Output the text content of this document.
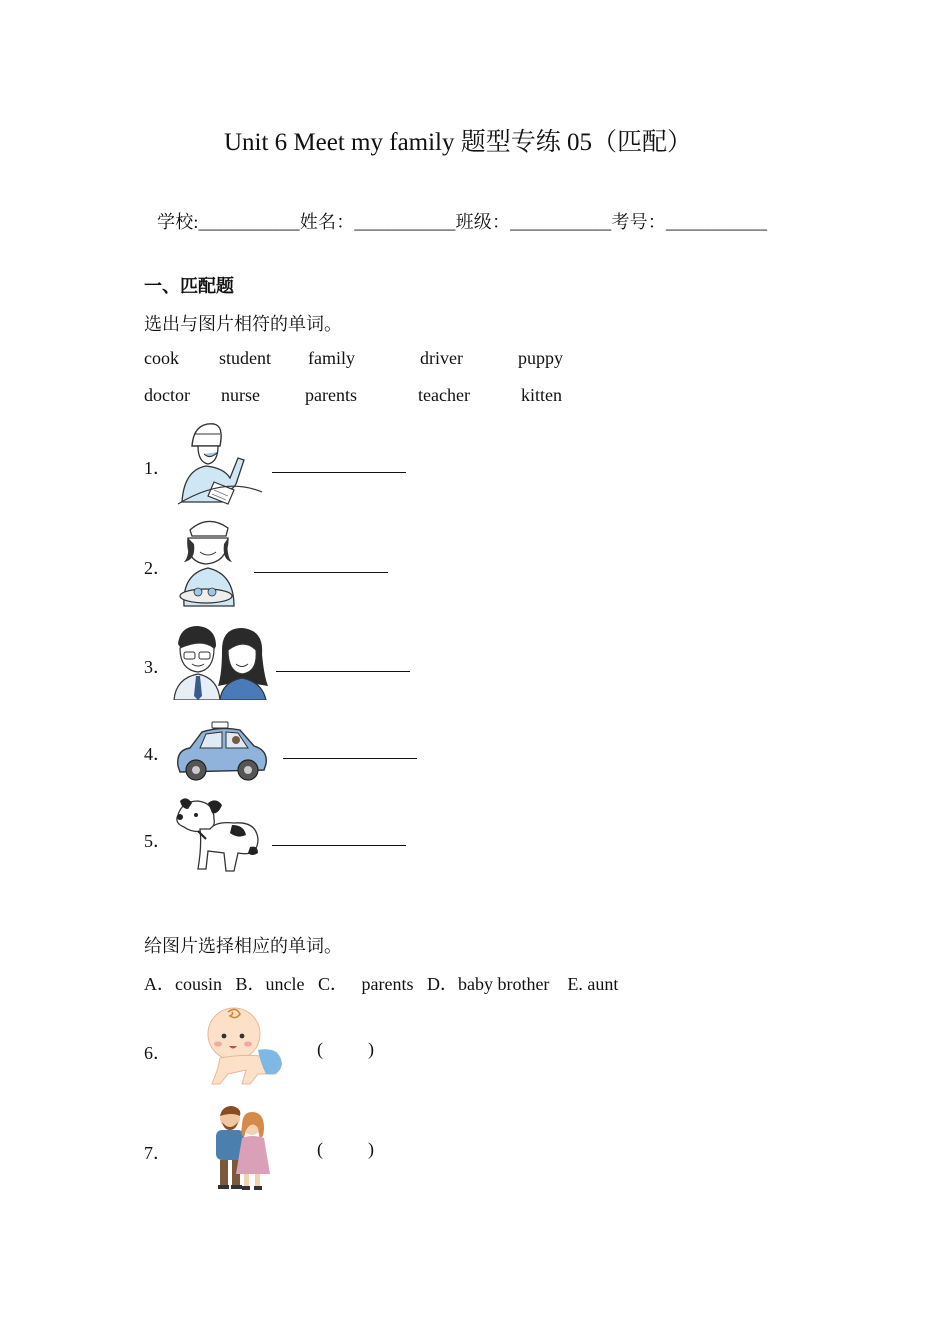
Unit 6 Meet my family 题型专练 05（匹配）
学校:___________姓名：___________班级：___________考号：___________
一、匹配题
选出与图片相符的单词。
cook student family	driver	puppy
doctor nurse	parents	teacher	kitten
1．
2．
3．
4．
5．
给图片选择相应的单词。
A．cousin   B．uncle   C．   parents   D．baby brother    E. aunt
6．	(          )
7．	(          )
